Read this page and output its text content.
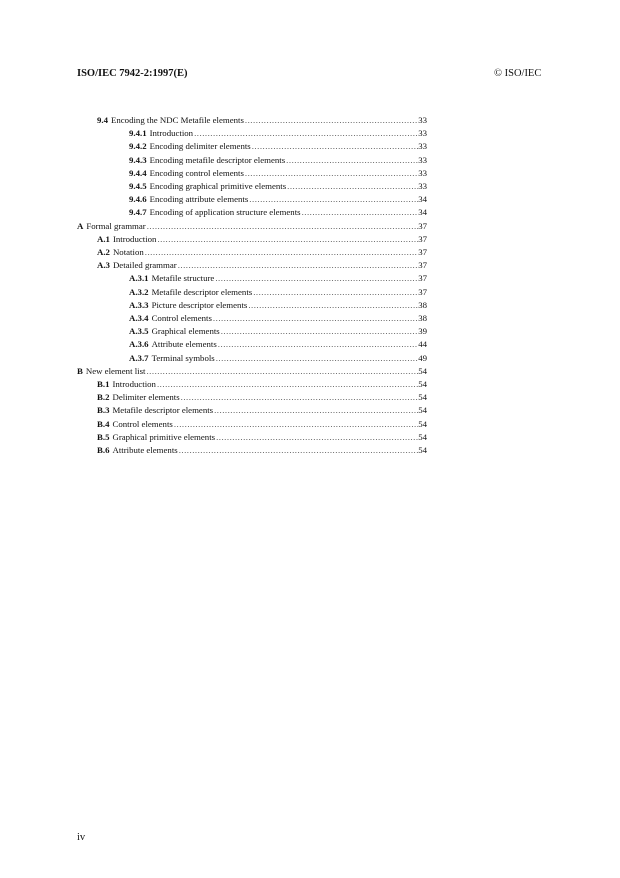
ISO/IEC 7942-2:1997(E)	© ISO/IEC
9.4 Encoding the NDC Metafile elements .....	33
9.4.1 Introduction .....	33
9.4.2 Encoding delimiter elements .....	33
9.4.3 Encoding metafile descriptor elements .....	33
9.4.4 Encoding control elements .....	33
9.4.5 Encoding graphical primitive elements .....	33
9.4.6 Encoding attribute elements .....	34
9.4.7 Encoding of application structure elements .....	34
A Formal grammar .....	37
A.1 Introduction .....	37
A.2 Notation .....	37
A.3 Detailed grammar .....	37
A.3.1 Metafile structure .....	37
A.3.2 Metafile descriptor elements .....	37
A.3.3 Picture descriptor elements .....	38
A.3.4 Control elements .....	38
A.3.5 Graphical elements .....	39
A.3.6 Attribute elements .....	44
A.3.7 Terminal symbols .....	49
B New element list .....	54
B.1 Introduction .....	54
B.2 Delimiter elements .....	54
B.3 Metafile descriptor elements .....	54
B.4 Control elements .....	54
B.5 Graphical primitive elements .....	54
B.6 Attribute elements .....	54
iv
